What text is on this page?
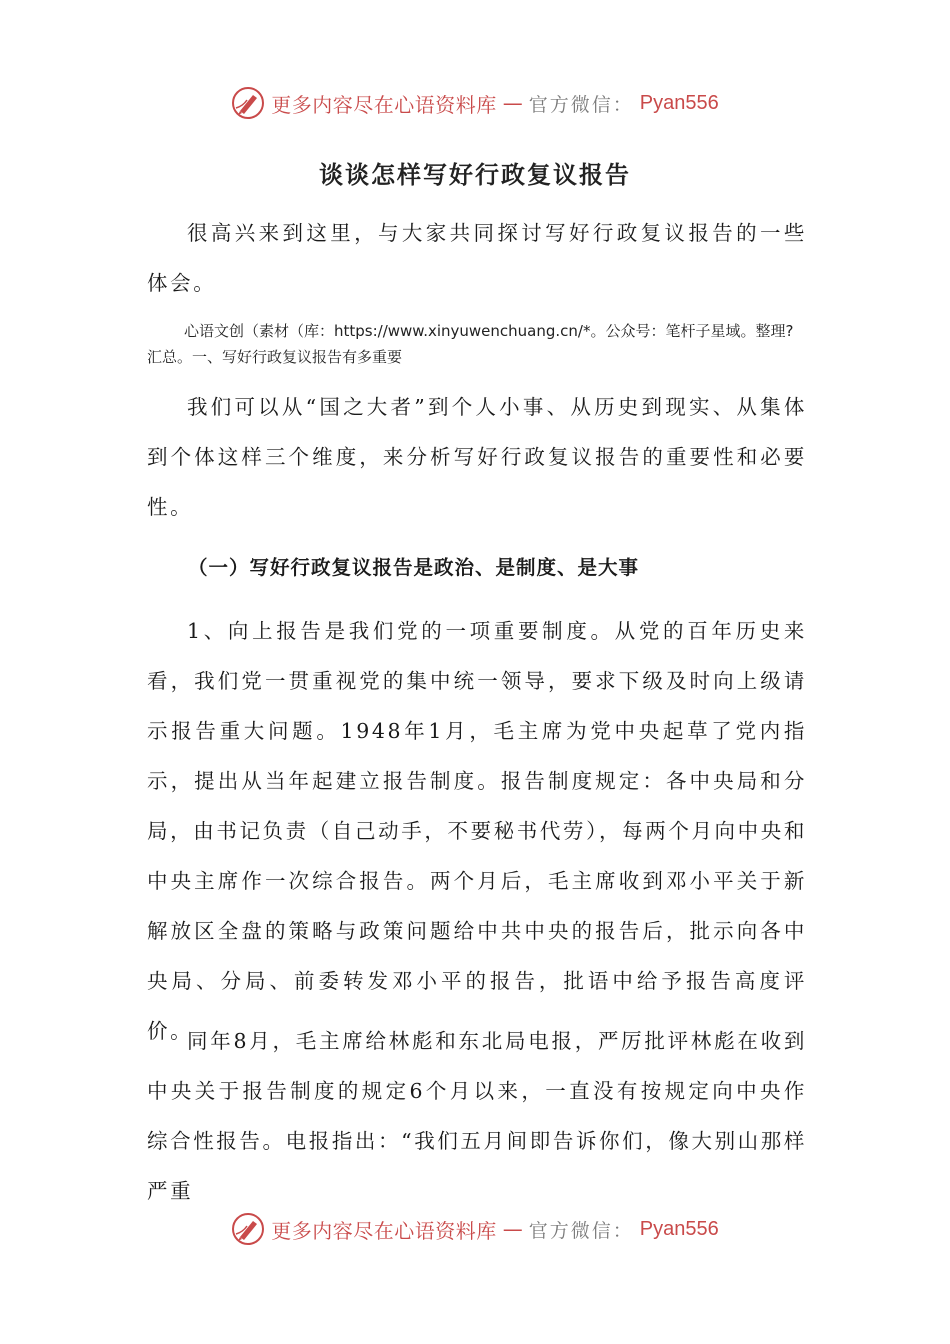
更多内容尽在心语资料库 — 官方微信： Pyan556
谈谈怎样写好行政复议报告

很高兴来到这里，与大家共同探讨写好行政复议报告的一些体会。

心语文创（素材（库：https://www.xinyuwenchuang.cn/*。公众号：笔杆子星域。整理?汇总。一、写好行政复议报告有多重要

我们可以从“国之大者”到个人小事、从历史到现实、从集体到个体这样三个维度，来分析写好行政复议报告的重要性和必要性。

（一）写好行政复议报告是政治、是制度、是大事

1、向上报告是我们党的一项重要制度。从党的百年历史来看，我们党一贯重视党的集中统一领导，要求下级及时向上级请示报告重大问题。1948年1月，毛主席为党中央起草了党内指示，提出从当年起建立报告制度。报告制度规定：各中央局和分局，由书记负责（自己动手，不要秘书代劳），每两个月向中央和中央主席作一次综合报告。两个月后，毛主席收到邓小平关于新解放区全盘的策略与政策问题给中共中央的报告后，批示向各中央局、分局、前委转发邓小平的报告，批语中给予报告高度评价。

同年8月，毛主席给林彪和东北局电报，严厉批评林彪在收到中央关于报告制度的规定6个月以来，一直没有按规定向中央作综合性报告。电报指出：“我们五月间即告诉你们，像大别山那样严重

更多内容尽在心语资料库 — 官方微信： Pyan556
